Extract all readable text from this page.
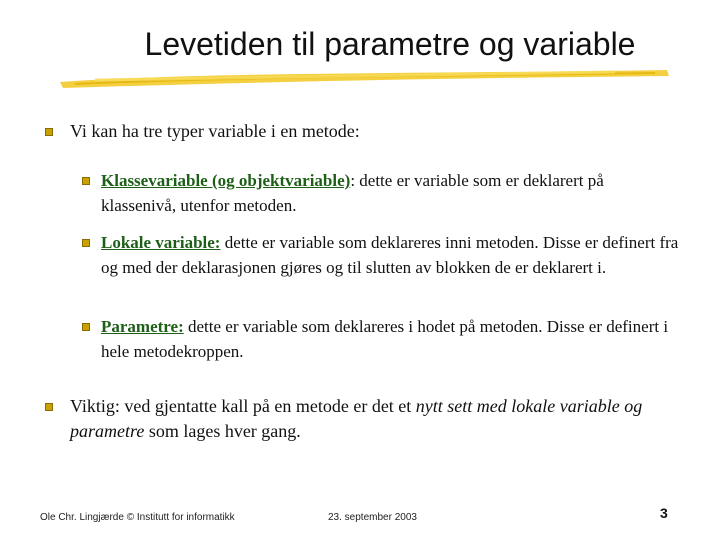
Levetiden til parametre og variable
Vi kan ha tre typer variable i en metode:
Klassevariable (og objektvariable): dette er variable som er deklarert på klassenivå, utenfor metoden.
Lokale variable: dette er variable som deklareres inni metoden. Disse er definert fra og med der deklarasjonen gjøres og til slutten av blokken de er deklarert i.
Parametre: dette er variable som deklareres i hodet på metoden. Disse er definert i hele metodekroppen.
Viktig: ved gjentatte kall på en metode er det et nytt sett med lokale variable og parametre som lages hver gang.
Ole Chr. Lingjærde © Institutt for informatikk	23. september 2003	3
